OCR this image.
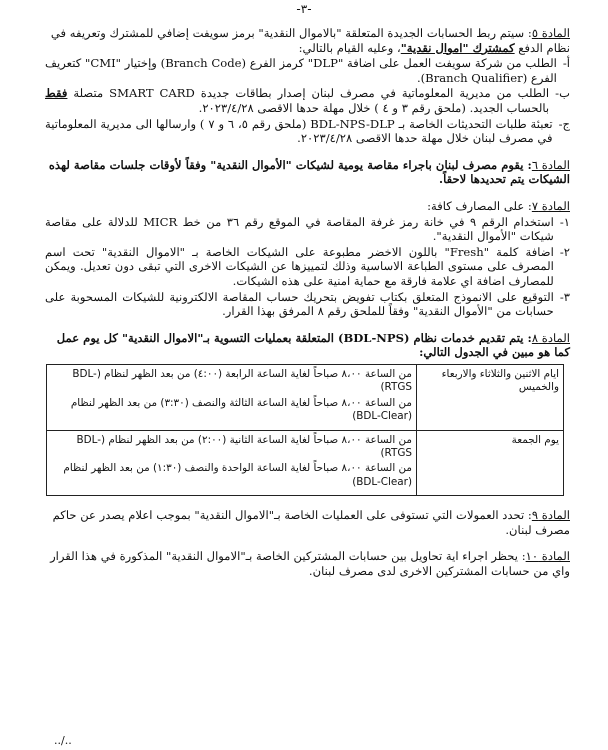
-٣-
المادة ٥: سيتم ربط الحسابات الجديدة المتعلقة "بالاموال النقدية" برمز سويفت إضافي للمشترك وتعريفه في نظام الدفع كمشترك "اموال نقدية"، وعليه القيام بالتالي:
أ-
الطلب من شركة سويفت العمل على اضافة "DLP" كرمز الفرع (Branch Code) وإختيار "CMI" كتعريف الفرع (Branch Qualifier).
ب-
الطلب من مديرية المعلوماتية في مصرف لبنان إصدار بطاقات جديدة SMART CARD متصلة فقط بالحساب الجديد. (ملحق رقم ٣ و ٤ ) خلال مهلة حدها الاقصى ٢٠٢٣/٤/٢٨.
ج-
تعبئة طلبات التحديثات الخاصة بـ BDL-NPS-DLP (ملحق رقم ٥، ٦ و ٧ ) وارسالها الى مديرية المعلوماتية في مصرف لبنان خلال مهلة حدها الاقصى ٢٠٢٣/٤/٢٨.
المادة ٦: يقوم مصرف لبنان باجراء مقاصة يومية لشيكات "الأموال النقدية" وفقاً لأوقات جلسات مقاصة لهذه الشيكات يتم تحديدها لاحقاً.
المادة ٧: على المصارف كافة:
١-
استخدام الرقم ٩ في خانة رمز غرفة المقاصة في الموقع رقم ٣٦ من خط MICR للدلالة على مقاصة شيكات "الأموال النقدية".
٢-
اضافة كلمة "Fresh" باللون الاخضر مطبوعة على الشيكات الخاصة بـ "الاموال النقدية" تحت اسم المصرف على مستوى الطباعة الاساسية وذلك لتمييزها عن الشيكات الاخرى التي تبقى دون تعديل. ويمكن للمصارف اضافة اي علامة فارقة مع حماية امنية على هذه الشيكات.
٣-
التوقيع على الانموذج المتعلق بكتاب تفويض بتحريك حساب المقاصة الالكترونية للشيكات المسحوبة على حسابات من "الأموال النقدية" وفقاً للملحق رقم ٨ المرفق بهذا القرار.
المادة ٨: يتم تقديم خدمات نظام (BDL-NPS) المتعلقة بعمليات التسوية بـ"الاموال النقدية" كل يوم عمل كما هو مبين في الجدول التالي:
ايام الاثنين والثلاثاء والاربعاء والخميس	من الساعة ٨،٠٠ صباحاً لغاية الساعة الرابعة (٤:٠٠) من بعد الظهر لنظام (BDL-RTGS)

من الساعة ٨،٠٠ صباحاً لغاية الساعة الثالثة والنصف (٣:٣٠) من بعد الظهر لنظام (BDL-Clear)

يوم الجمعة	من الساعة ٨،٠٠ صباحاً لغاية الساعة الثانية (٢:٠٠) من بعد الظهر لنظام (BDL-RTGS)

من الساعة ٨،٠٠ صباحاً لغاية الساعة الواحدة والنصف (١:٣٠) من بعد الظهر لنظام (BDL-Clear)

المادة ٩: تحدد العمولات التي تستوفى على العمليات الخاصة بـ"الاموال النقدية" بموجب اعلام يصدر عن حاكم مصرف لبنان.
المادة ١٠: يحظر اجراء اية تحاويل بين حسابات المشتركين الخاصة بـ"الاموال النقدية" المذكورة في هذا القرار واي من حسابات المشتركين الاخرى لدى مصرف لبنان.
../..
